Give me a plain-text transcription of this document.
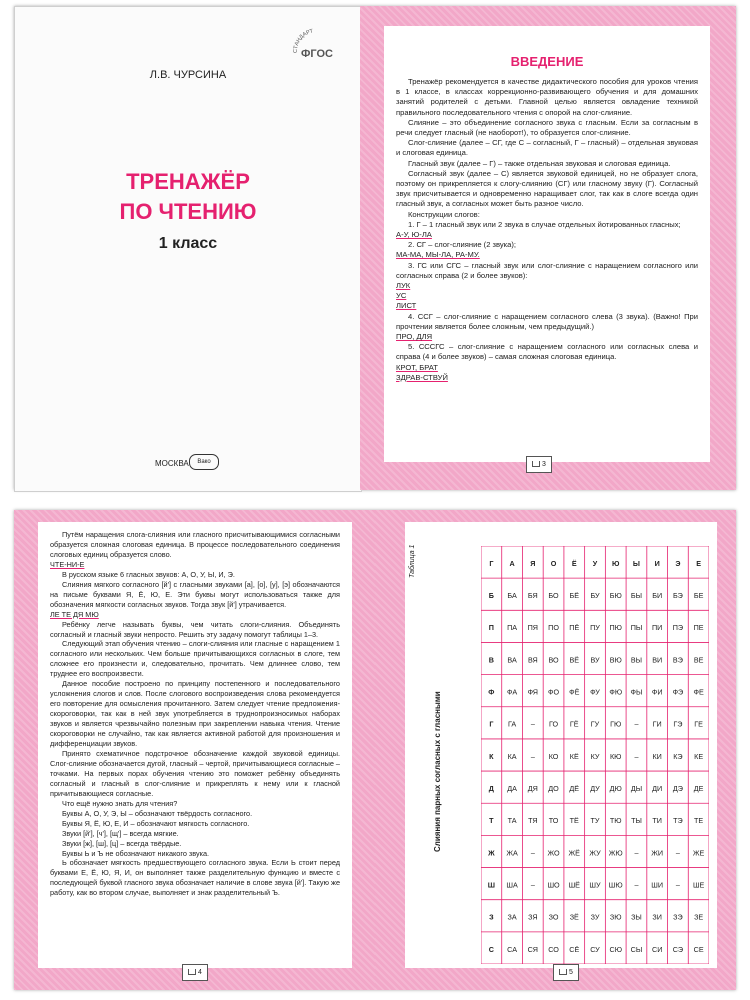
СТАНДАРТ
ФГОС
Л.В. ЧУРСИНА
ТРЕНАЖЁР
ПО ЧТЕНИЮ
1 класс
МОСКВА	Вако
ВВЕДЕНИЕ

Тренажёр рекомендуется в качестве дидактического пособия для уроков чтения в 1 классе, в классах коррекционно-развивающего обучения и для домашних занятий родителей с детьми. Главной целью является овладение техникой правильного последовательного чтения с опорой на слог-слияние.

Слияние – это объединение согласного звука с гласным. Если за согласным в речи следует гласный (не наоборот!), то образуется слог-слияние.

Слог-слияние (далее – СГ, где С – согласный, Г – гласный) – отдельная звуковая и слоговая единица.

Гласный звук (далее – Г) – также отдельная звуковая и слоговая единица.

Согласный звук (далее – С) является звуковой единицей, но не образует слога, поэтому он прикрепляется к слогу-слиянию (СГ) или гласному звуку (Г). Согласный звук присчитывается и одновременно наращивает слог, так как в слоге всегда один гласный звук, а согласных может быть разное число.

Конструкции слогов:

1. Г – 1 гласный звук или 2 звука в случае отдельных йотированных гласных;

А-У, Ю-ЛА

2. СГ – слог-слияние (2 звука);

МА-МА, МЫ-ЛА, РА-МУ.

3. ГС или СГС – гласный звук или слог-слияние с наращением согласного или согласных справа (2 и более звуков):

ЛУК

УС

ЛИСТ

4. ССГ – слог-слияние с наращением согласного слева (3 звука). (Важно! При прочтении является более сложным, чем предыдущий.)

ПРО, ДЛЯ

5. СССГС – слог-слияние с наращением согласного или согласных слева и справа (4 и более звуков) – самая сложная слоговая единица.

КРОТ, БРАТ

ЗДРАВ-СТВУЙ

3

Путём наращения слога-слияния или гласного присчитывающимися согласными образуется сложная слоговая единица. В процессе последовательного соединения слоговых единиц образуется слово.

ЧТЕ-НИ-Е

В русском языке 6 гласных звуков: А, О, У, Ы, И, Э.

Слияния мягкого согласного [й'] с гласными звуками [а], [о], [у], [э] обозначаются на письме буквами Я, Ё, Ю, Е. Эти буквы могут использоваться также для обозначения мягкости согласных звуков. Тогда звук [й'] утрачивается.

ЛЕ ТЕ ДЯ МЮ

Ребёнку легче называть буквы, чем читать слоги-слияния. Объединять согласный и гласный звуки непросто. Решить эту задачу помогут таблицы 1–3.

Следующий этап обучения чтению – слоги-слияния или гласные с наращением 1 согласного или нескольких. Чем больше причитывающихся согласных в слоге, тем сложнее его произнести и, следовательно, прочитать. Чем длиннее слово, тем труднее его воспроизвести.

Данное пособие построено по принципу постепенного и последовательного усложнения слогов и слов. После слогового воспроизведения слова рекомендуется его повторение для осмысления прочитанного. Затем следует чтение предложения-скороговорки, так как в ней звук употребляется в труднопроизносимых наборах звуков и является чрезвычайно полезным при закреплении навыка чтения. Чтение скороговорки не случайно, так как является активной работой для произношения и дифференциации звуков.

Принято схематичное подстрочное обозначение каждой звуковой единицы. Слог-слияние обозначается дугой, гласный – чертой, причитывающиеся согласные – точками. На первых порах обучения чтению это поможет ребёнку объединять согласный и гласный в слог-слияние и прикреплять к нему или к гласной причитывающиеся согласные.

Что ещё нужно знать для чтения?

Буквы А, О, У, Э, Ы – обозначают твёрдость согласного.

Буквы Я, Ё, Ю, Е, И – обозначают мягкость согласного.

Звуки [й'], [ч'], [щ'] – всегда мягкие.

Звуки [ж], [ш], [ц] – всегда твёрдые.

Буквы Ь и Ъ не обозначают никакого звука.

Ь обозначает мягкость предшествующего согласного звука. Если Ь стоит перед буквами Е, Ё, Ю, Я, И, он выполняет также разделительную функцию и вместе с последующей буквой гласного звука обозначает наличие в слове звука [й']. Такую же работу, как во втором случае, выполняет и знак разделительный Ъ.

4
Таблица 1
Слияния парных согласных с гласными
Г А Я О Ё У Ю Ы И Э Е
Б БА БЯ БО БЁ БУ БЮ БЫ БИ БЭ БЕ
П ПА ПЯ ПО ПЁ ПУ ПЮ ПЫ ПИ ПЭ ПЕ
В ВА ВЯ ВО ВЁ ВУ ВЮ ВЫ ВИ ВЭ ВЕ
Ф ФА ФЯ ФО ФЁ ФУ ФЮ ФЫ ФИ ФЭ ФЕ
Г ГА – ГО ГЁ ГУ ГЮ – ГИ ГЭ ГЕ
К КА – КО КЁ КУ КЮ – КИ КЭ КЕ
Д ДА ДЯ ДО ДЁ ДУ ДЮ ДЫ ДИ ДЭ ДЕ
Т ТА ТЯ ТО ТЁ ТУ ТЮ ТЫ ТИ ТЭ ТЕ
Ж ЖА – ЖО ЖЁ ЖУ ЖЮ – ЖИ – ЖЕ
Ш ША – ШО ШЁ ШУ ШЮ – ШИ – ШЕ
З ЗА ЗЯ ЗО ЗЁ ЗУ ЗЮ ЗЫ ЗИ ЗЭ ЗЕ
С СА СЯ СО СЁ СУ СЮ СЫ СИ СЭ СЕ
5
